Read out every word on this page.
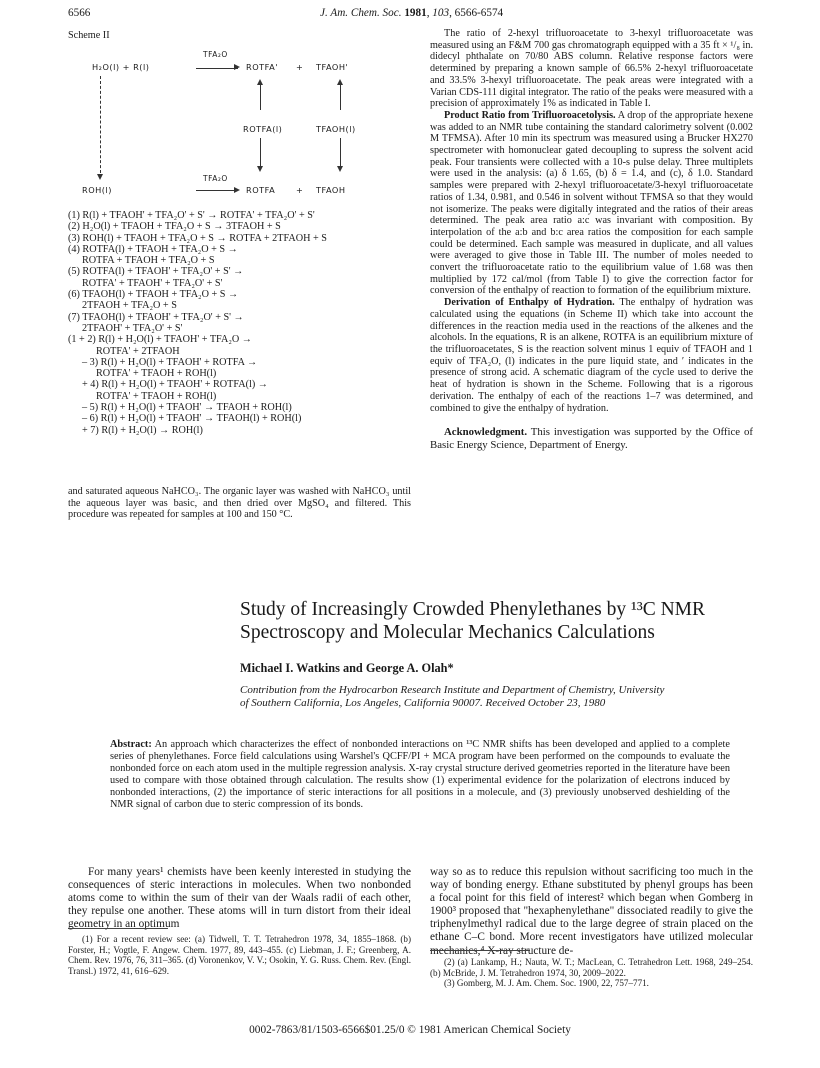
6566	J. Am. Chem. Soc. 1981, 103, 6566-6574
Scheme II
H₂O(l) + R(l)
TFA₂O
ROTFA' + TFAOH'
ROTFA(l)	TFAOH(l)
ROH(l)
TFA₂O
ROTFA	+ TFAOH
(1) R(l) + TFAOH' + TFA₂O' + S' → ROTFA' + TFA₂O' + S'
(2) H₂O(l) + TFAOH + TFA₂O + S → 3TFAOH + S
(3) ROH(l) + TFAOH + TFA₂O + S → ROTFA + 2TFAOH + S
(4) ROTFA(l) + TFAOH + TFA₂O + S →
ROTFA + TFAOH + TFA₂O + S
(5) ROTFA(l) + TFAOH' + TFA₂O' + S' →
ROTFA' + TFAOH' + TFA₂O' + S'
(6) TFAOH(l) + TFAOH + TFA₂O + S →
2TFAOH + TFA₂O + S
(7) TFAOH(l) + TFAOH' + TFA₂O' + S' →
2TFAOH' + TFA₂O' + S'
(1 + 2) R(l) + H₂O(l) + TFAOH' + TFA₂O →
ROTFA' + 2TFAOH
– 3) R(l) + H₂O(l) + TFAOH' + ROTFA →
ROTFA' + TFAOH + ROH(l)
+ 4) R(l) + H₂O(l) + TFAOH' + ROTFA(l) →
ROTFA' + TFAOH + ROH(l)
– 5) R(l) + H₂O(l) + TFAOH' → TFAOH + ROH(l)
– 6) R(l) + H₂O(l) + TFAOH' → TFAOH(l) + ROH(l)
+ 7) R(l) + H₂O(l) → ROH(l)
and saturated aqueous NaHCO₃. The organic layer was washed with NaHCO₃ until the aqueous layer was basic, and then dried over MgSO₄ and filtered. This procedure was repeated for samples at 100 and 150 °C.

The ratio of 2-hexyl trifluoroacetate to 3-hexyl trifluoroacetate was measured using an F&M 700 gas chromatograph equipped with a 35 ft × ¹/₈ in. didecyl phthalate on 70/80 ABS column. Relative response factors were determined by preparing a known sample of 66.5% 2-hexyl trifluoroacetate and 33.5% 3-hexyl trifluoroacetate. The peak areas were integrated with a Varian CDS-111 digital integrator. The ratio of the peaks were measured with a precision of approximately 1% as indicated in Table I.

Product Ratio from Trifluoroacetolysis. A drop of the appropriate hexene was added to an NMR tube containing the standard calorimetry solvent (0.002 M TFMSA). After 10 min its spectrum was measured using a Brucker HX270 spectrometer with homonuclear gated decoupling to supress the solvent acid peak. Four transients were collected with a 10-s pulse delay. Three multiplets were used in the analysis: (a) δ 1.65, (b) δ = 1.4, and (c), δ 1.0. Standard samples were prepared with 2-hexyl trifluoroacetate/3-hexyl trifluoroacetate ratios of 1.34, 0.981, and 0.546 in solvent without TFMSA so that they would not isomerize. The peaks were digitally integrated and the ratios of their areas determined. The peak area ratio a:c was invariant with composition. By interpolation of the a:b and b:c area ratios the composition for each sample could be determined. Each sample was measured in duplicate, and all values were averaged to give those in Table III. The number of moles needed to convert the trifluoroacetate ratio to the equilibrium value of 1.68 was then multiplied by 172 cal/mol (from Table I) to give the correction factor for conversion of the enthalpy of reaction to formation of the equilibrium mixture.

Derivation of Enthalpy of Hydration. The enthalpy of hydration was calculated using the equations (in Scheme II) which take into account the differences in the reaction media used in the reactions of the alkenes and the alcohols. In the equations, R is an alkene, ROTFA is an equilibrium mixture of the trifluoroacetates, S is the reaction solvent minus 1 equiv of TFAOH and 1 equiv of TFA₂O, (l) indicates in the pure liquid state, and ′ indicates in the presence of strong acid. A schematic diagram of the cycle used to derive the heat of hydration is shown in the Scheme. Following that is a rigorous derivation. The enthalpy of each of the reactions 1–7 was determined, and combined to give the enthalpy of hydration.

Acknowledgment. This investigation was supported by the Office of Basic Energy Science, Department of Energy.

Study of Increasingly Crowded Phenylethanes by ¹³C NMR
Spectroscopy and Molecular Mechanics Calculations
Michael I. Watkins and George A. Olah*
Contribution from the Hydrocarbon Research Institute and Department of Chemistry, University
of Southern California, Los Angeles, California 90007. Received October 23, 1980
Abstract: An approach which characterizes the effect of nonbonded interactions on ¹³C NMR shifts has been developed and applied to a complete series of phenylethanes. Force field calculations using Warshel's QCFF/PI + MCA program have been performed on the compounds to evaluate the nonbonded force on each atom used in the multiple regression analysis. X-ray crystal structure derived geometries reported in the literature have been used to compare with those obtained through calculation. The results show (1) experimental evidence for the polarization of electrons induced by nonbonded interactions, (2) the importance of steric interactions for all positions in a molecule, and (3) previously unobserved deshielding of the NMR signal of carbon due to steric compression of its bonds.
For many years¹ chemists have been keenly interested in studying the consequences of steric interactions in molecules. When two nonbonded atoms come to within the sum of their van der Waals radii of each other, they repulse one another. These atoms will in turn distort from their ideal geometry in an optimum
way so as to reduce this repulsion without sacrificing too much in the way of bonding energy. Ethane substituted by phenyl groups has been a focal point for this field of interest² which began when Gomberg in 1900³ proposed that "hexaphenylethane" dissociated readily to give the triphenylmethyl radical due to the large degree of strain placed on the ethane C–C bond. More recent investigators have utilized molecular mechanics,⁴ X-ray structure de-
(1) For a recent review see: (a) Tidwell, T. T. Tetrahedron 1978, 34, 1855–1868. (b) Forster, H.; Vogtle, F. Angew. Chem. 1977, 89, 443–455. (c) Liebman, J. F.; Greenberg, A. Chem. Rev. 1976, 76, 311–365. (d) Voronenkov, V. V.; Osokin, Y. G. Russ. Chem. Rev. (Engl. Transl.) 1972, 41, 616–629.
(2) (a) Lankamp, H.; Nauta, W. T.; MacLean, C. Tetrahedron Lett. 1968, 249–254. (b) McBride, J. M. Tetrahedron 1974, 30, 2009–2022.
(3) Gomberg, M. J. Am. Chem. Soc. 1900, 22, 757–771.
0002-7863/81/1503-6566$01.25/0 © 1981 American Chemical Society
